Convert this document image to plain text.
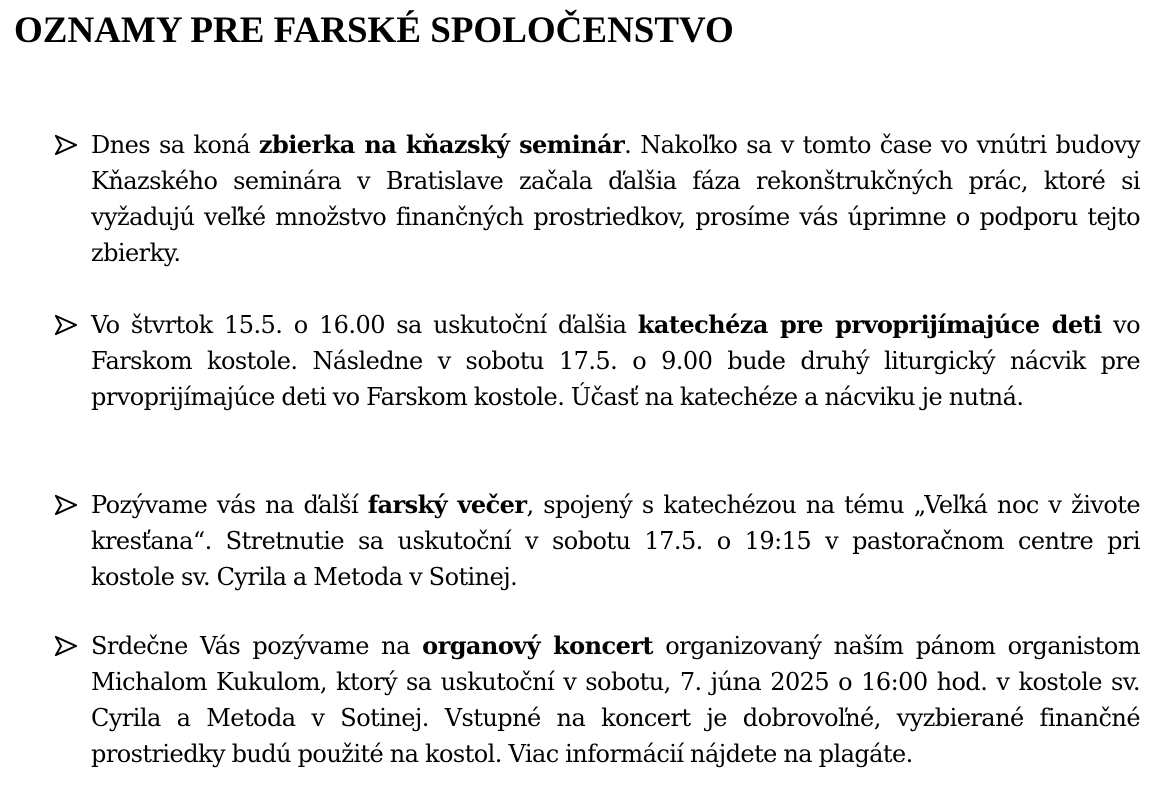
OZNAMY PRE FARSKÉ SPOLOČENSTVO
Dnes sa koná zbierka na kňazský seminár. Nakoľko sa v tomto čase vo vnútri budovy Kňazského seminára v Bratislave začala ďalšia fáza rekonštrukčných prác, ktoré si vyžadujú veľké množstvo finančných prostriedkov, prosíme vás úprimne o podporu tejto zbierky.
Vo štvrtok 15.5. o 16.00 sa uskutoční ďalšia katechéza pre prvoprijímajúce deti vo Farskom kostole. Následne v sobotu 17.5. o 9.00 bude druhý liturgický nácvik pre prvoprijímajúce deti vo Farskom kostole. Účasť na katechéze a nácviku je nutná.
Pozývame vás na ďalší farský večer, spojený s katechézou na tému „Veľká noc v živote kresťana“. Stretnutie sa uskutoční v sobotu 17.5. o 19:15 v pastoračnom centre pri kostole sv. Cyrila a Metoda v Sotinej.
Srdečne Vás pozývame na organový koncert organizovaný naším pánom organistom Michalom Kukulom, ktorý sa uskutoční v sobotu, 7. júna 2025 o 16:00 hod. v kostole sv. Cyrila a Metoda v Sotinej. Vstupné na koncert je dobrovoľné, vyzbierané finančné prostriedky budú použité na kostol. Viac informácií nájdete na plagáte.
